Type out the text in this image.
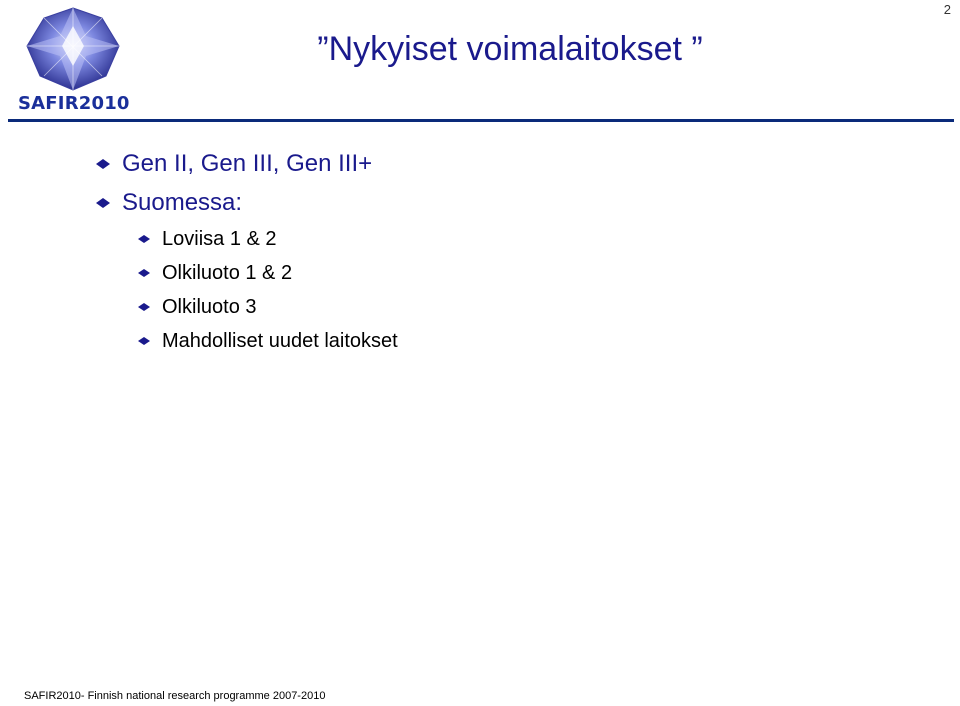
SAFIR2010
2
”Nykyiset voimalaitokset ”
Gen II, Gen III, Gen III+
Suomessa:
Loviisa 1 & 2
Olkiluoto 1 & 2
Olkiluoto 3
Mahdolliset uudet laitokset
SAFIR2010- Finnish national research programme 2007-2010
